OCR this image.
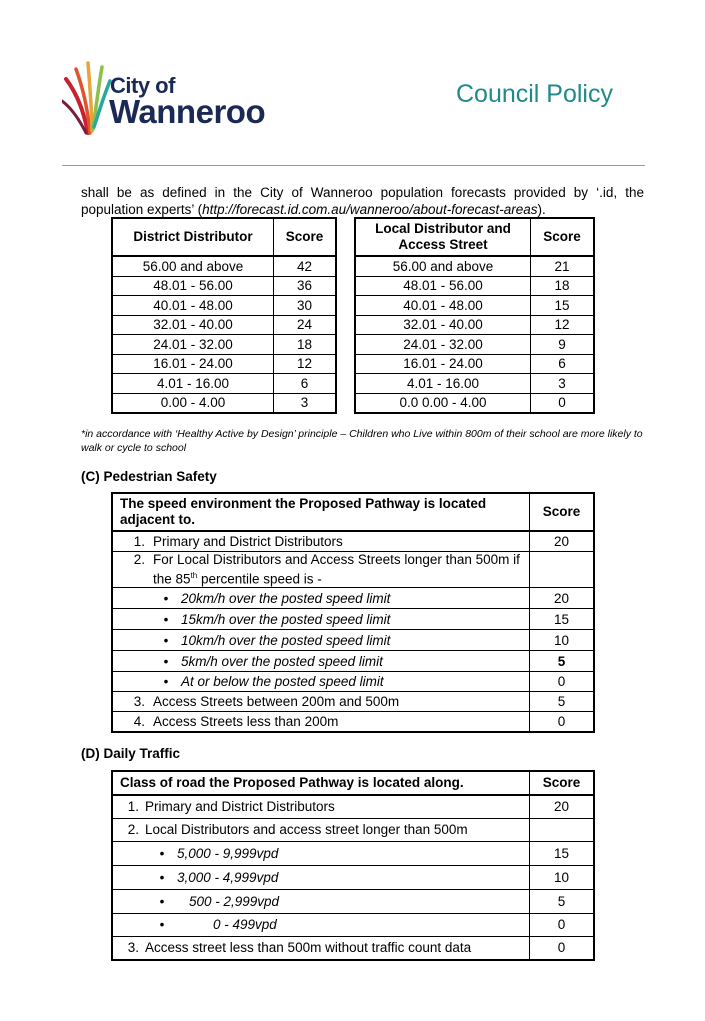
City of
Wanneroo	Council Policy
shall be as defined in the City of Wanneroo population forecasts provided by ‘.id, the population experts’ (http://forecast.id.com.au/wanneroo/about-forecast-areas).
District Distributor	Score
56.00 and above	42
48.01 - 56.00	36
40.01 - 48.00	30
32.01 - 40.00	24
24.01 - 32.00	18
16.01 - 24.00	12
4.01 - 16.00	6
0.00 - 4.00	3
Local Distributor and Access Street	Score
56.00 and above	21
48.01 - 56.00	18
40.01 - 48.00	15
32.01 - 40.00	12
24.01 - 32.00	9
16.01 - 24.00	6
4.01 - 16.00	3
0.0 0.00 - 4.00	0
*in accordance with ‘Healthy Active by Design’ principle – Children who Live within 800m of their school are more likely to walk or cycle to school
(C) Pedestrian Safety
The speed environment the Proposed Pathway is located adjacent to.	Score
1. Primary and District Distributors	20

2. For Local Distributors and Access Streets longer than 500m if the 85th percentile speed is -	

• 20km/h over the posted speed limit	20
• 15km/h over the posted speed limit	15
• 10km/h over the posted speed limit	10
• 5km/h over the posted speed limit	5
• At or below the posted speed limit	0
3. Access Streets between 200m and 500m	5
4. Access Streets less than 200m	0
(D) Daily Traffic
Class of road the Proposed Pathway is located along.	Score
1. Primary and District Distributors	20
2. Local Distributors and access street longer than 500m	
• 5,000 - 9,999vpd	15
• 3,000 - 4,999vpd	10
• 500 - 2,999vpd	5
• 0 - 499vpd	0
3. Access street less than 500m without traffic count data	0
